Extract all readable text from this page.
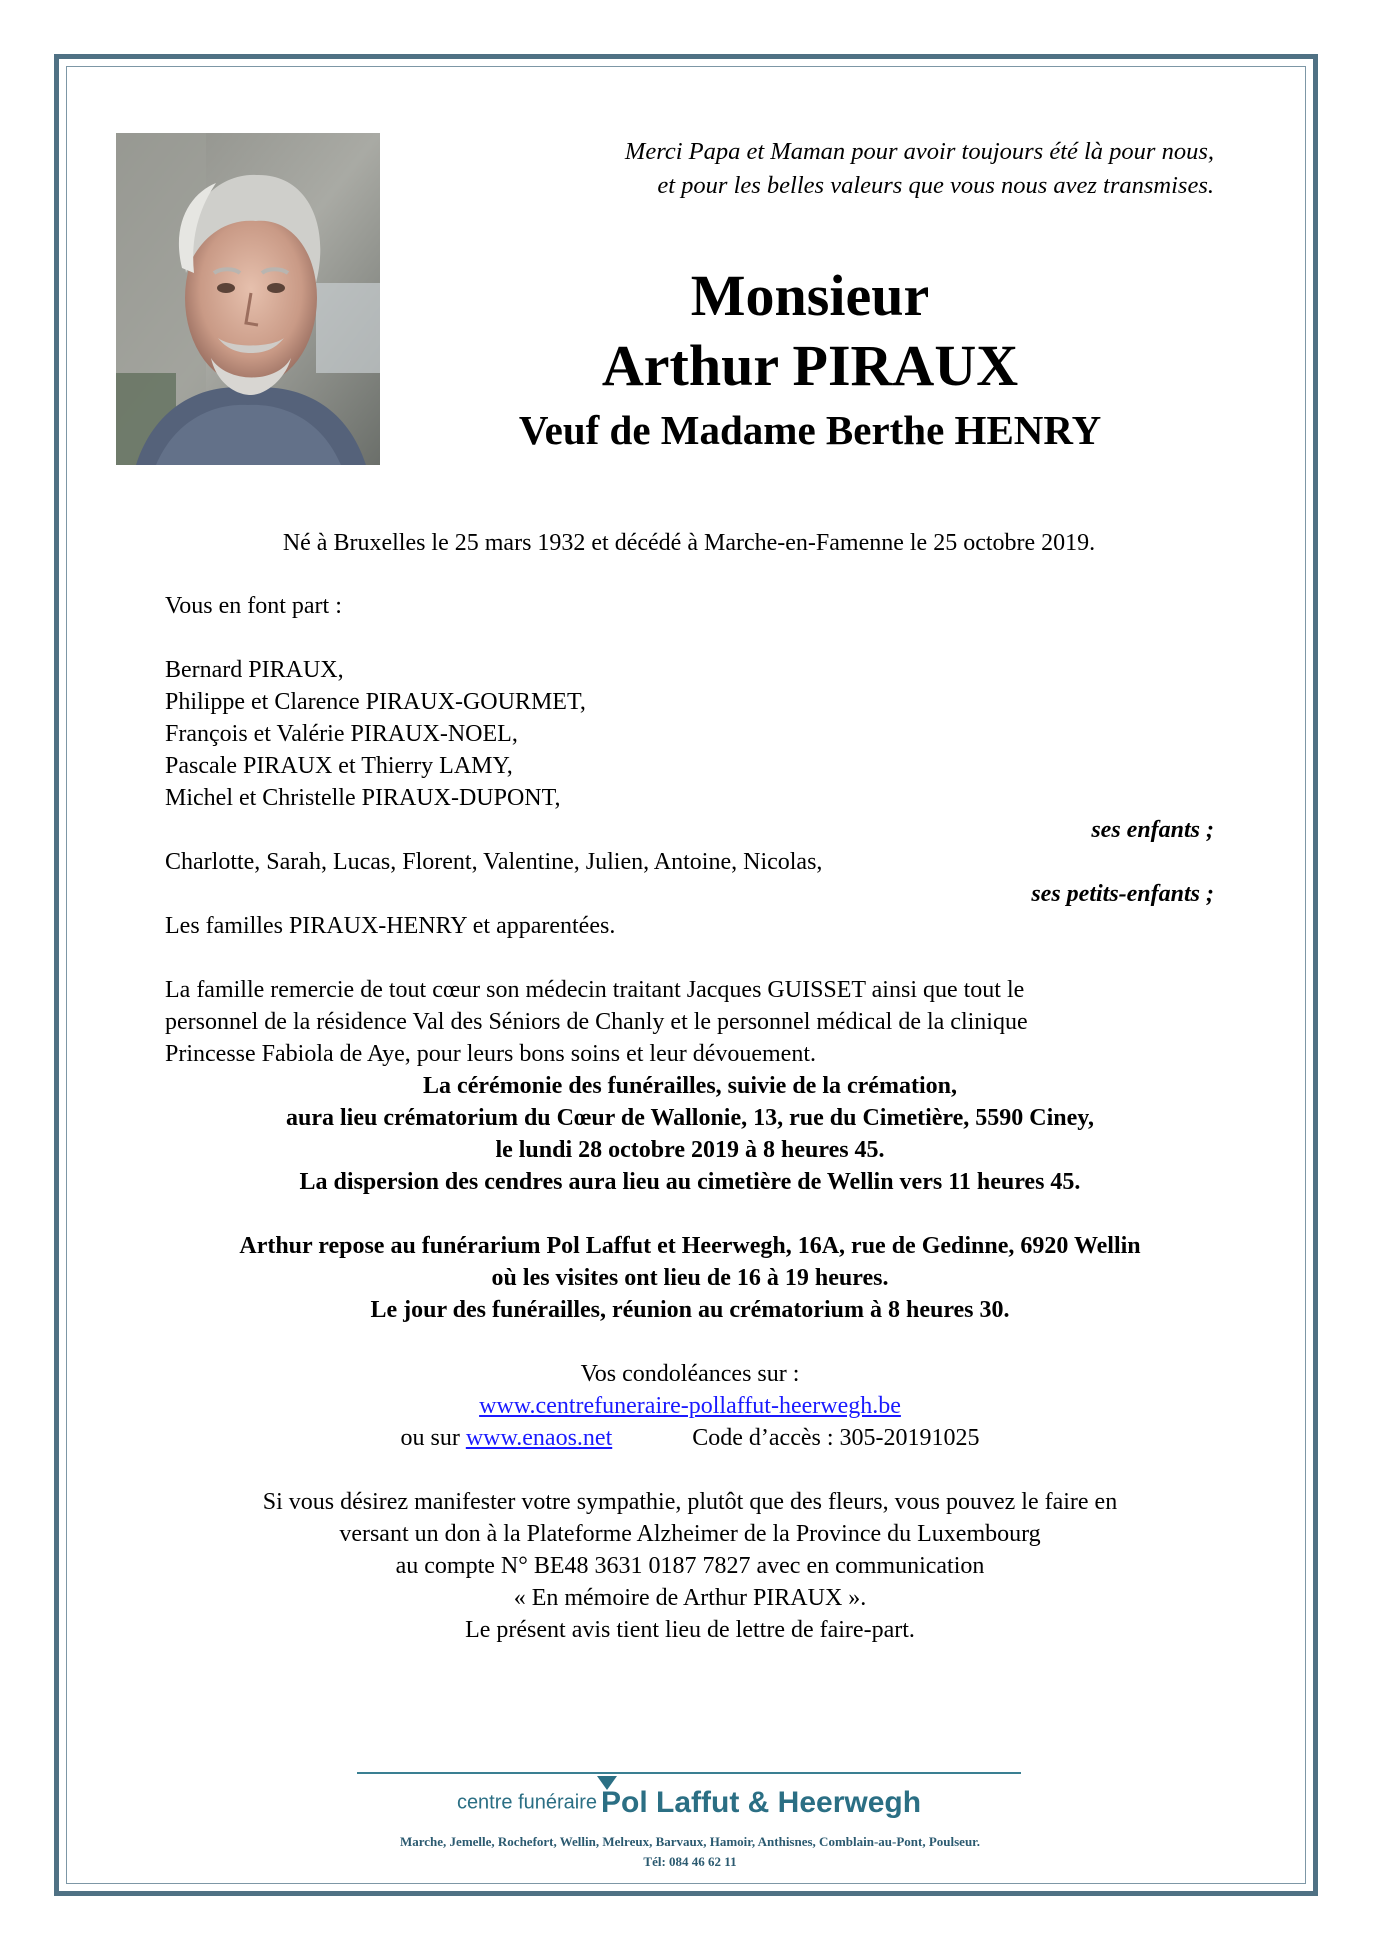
Merci Papa et Maman pour avoir toujours été là pour nous,
et pour les belles valeurs que vous nous avez transmises.
Monsieur
Arthur PIRAUX
Veuf de Madame Berthe HENRY
Né à Bruxelles le 25 mars 1932 et décédé à Marche-en-Famenne le 25 octobre 2019.
Vous en font part :
Bernard PIRAUX,
Philippe et Clarence PIRAUX-GOURMET,
François et Valérie PIRAUX-NOEL,
Pascale PIRAUX et Thierry LAMY,
Michel et Christelle PIRAUX-DUPONT,
ses enfants ;
Charlotte, Sarah, Lucas, Florent, Valentine, Julien, Antoine, Nicolas,
ses petits-enfants ;
Les familles PIRAUX-HENRY et apparentées.
La famille remercie de tout cœur son médecin traitant Jacques GUISSET ainsi que tout le
personnel de la résidence Val des Séniors de Chanly et le personnel médical de la clinique
Princesse Fabiola de Aye, pour leurs bons soins et leur dévouement.
La cérémonie des funérailles, suivie de la crémation,
aura lieu crématorium du Cœur de Wallonie, 13, rue du Cimetière, 5590 Ciney,
le lundi 28 octobre 2019 à 8 heures 45.
La dispersion des cendres aura lieu au cimetière de Wellin vers 11 heures 45.
Arthur repose au funérarium Pol Laffut et Heerwegh, 16A, rue de Gedinne, 6920 Wellin
où les visites ont lieu de 16 à 19 heures.
Le jour des funérailles, réunion au crématorium à 8 heures 30.
Vos condoléances sur :
www.centrefuneraire-pollaffut-heerwegh.be
ou sur www.enaos.net	Code d’accès : 305-20191025
Si vous désirez manifester votre sympathie, plutôt que des fleurs, vous pouvez le faire en
versant un don à la Plateforme Alzheimer de la Province du Luxembourg
au compte N° BE48 3631 0187 7827 avec en communication
« En mémoire de Arthur PIRAUX ».
Le présent avis tient lieu de lettre de faire-part.
centre funéraire Pol Laffut & Heerwegh
Marche, Jemelle, Rochefort, Wellin, Melreux, Barvaux, Hamoir, Anthisnes, Comblain-au-Pont, Poulseur.
Tél: 084 46 62 11
